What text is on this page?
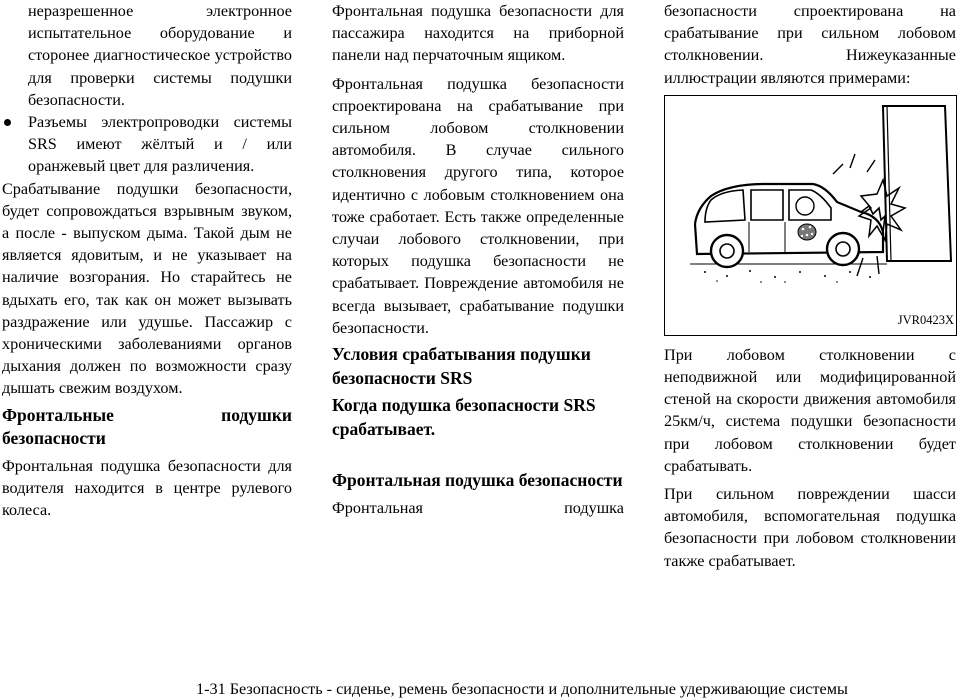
неразрешенное электронное испытательное оборудование и сторонее диагностическое устройство для проверки системы подушки безопасности.
Разъемы электропроводки системы SRS имеют жёлтый и / или оранжевый цвет для различения.

Срабатывание подушки безопасности, будет сопровождаться взрывным звуком, а после - выпуском дыма. Такой дым не является ядовитым, и не указывает на наличие возгорания. Но старайтесь не вдыхать его, так как он может вызывать раздражение или удушье. Пассажир с хроническими заболеваниями органов дыхания должен по возможности сразу дышать свежим воздухом.

Фронтальные подушки безопасности

Фронтальная подушка безопасности для водителя находится в центре рулевого колеса.

Фронтальная подушка безопасности для пассажира находится на приборной панели над перчаточным ящиком.

Фронтальная подушка безопасности спроектирована на срабатывание при сильном лобовом столкновении автомобиля. В случае сильного столкновения другого типа, которое идентично с лобовым столкновением она тоже сработает. Есть также определенные случаи лобового столкновении, при которых подушка безопасности не срабатывает. Повреждение автомобиля не всегда вызывает, срабатывание подушки безопасности.

Условия срабатывания подушки безопасности SRS
Когда подушка безопасности SRS срабатывает.
Фронтальная подушка безопасности

Фронтальная подушка

безопасности спроектирована на срабатывание при сильном лобовом столкновении. Нижеуказанные иллюстрации являются примерами:

JVR0423X

При лобовом столкновении с неподвижной или модифицированной стеной на скорости движения автомобиля 25км/ч, система подушки безопасности при лобовом столкновении будет срабатывать.

При сильном повреждении шасси автомобиля, вспомогательная подушка безопасности при лобовом столкновении также срабатывает.

1-31 Безопасность - сиденье, ремень безопасности и дополнительные удерживающие системы
